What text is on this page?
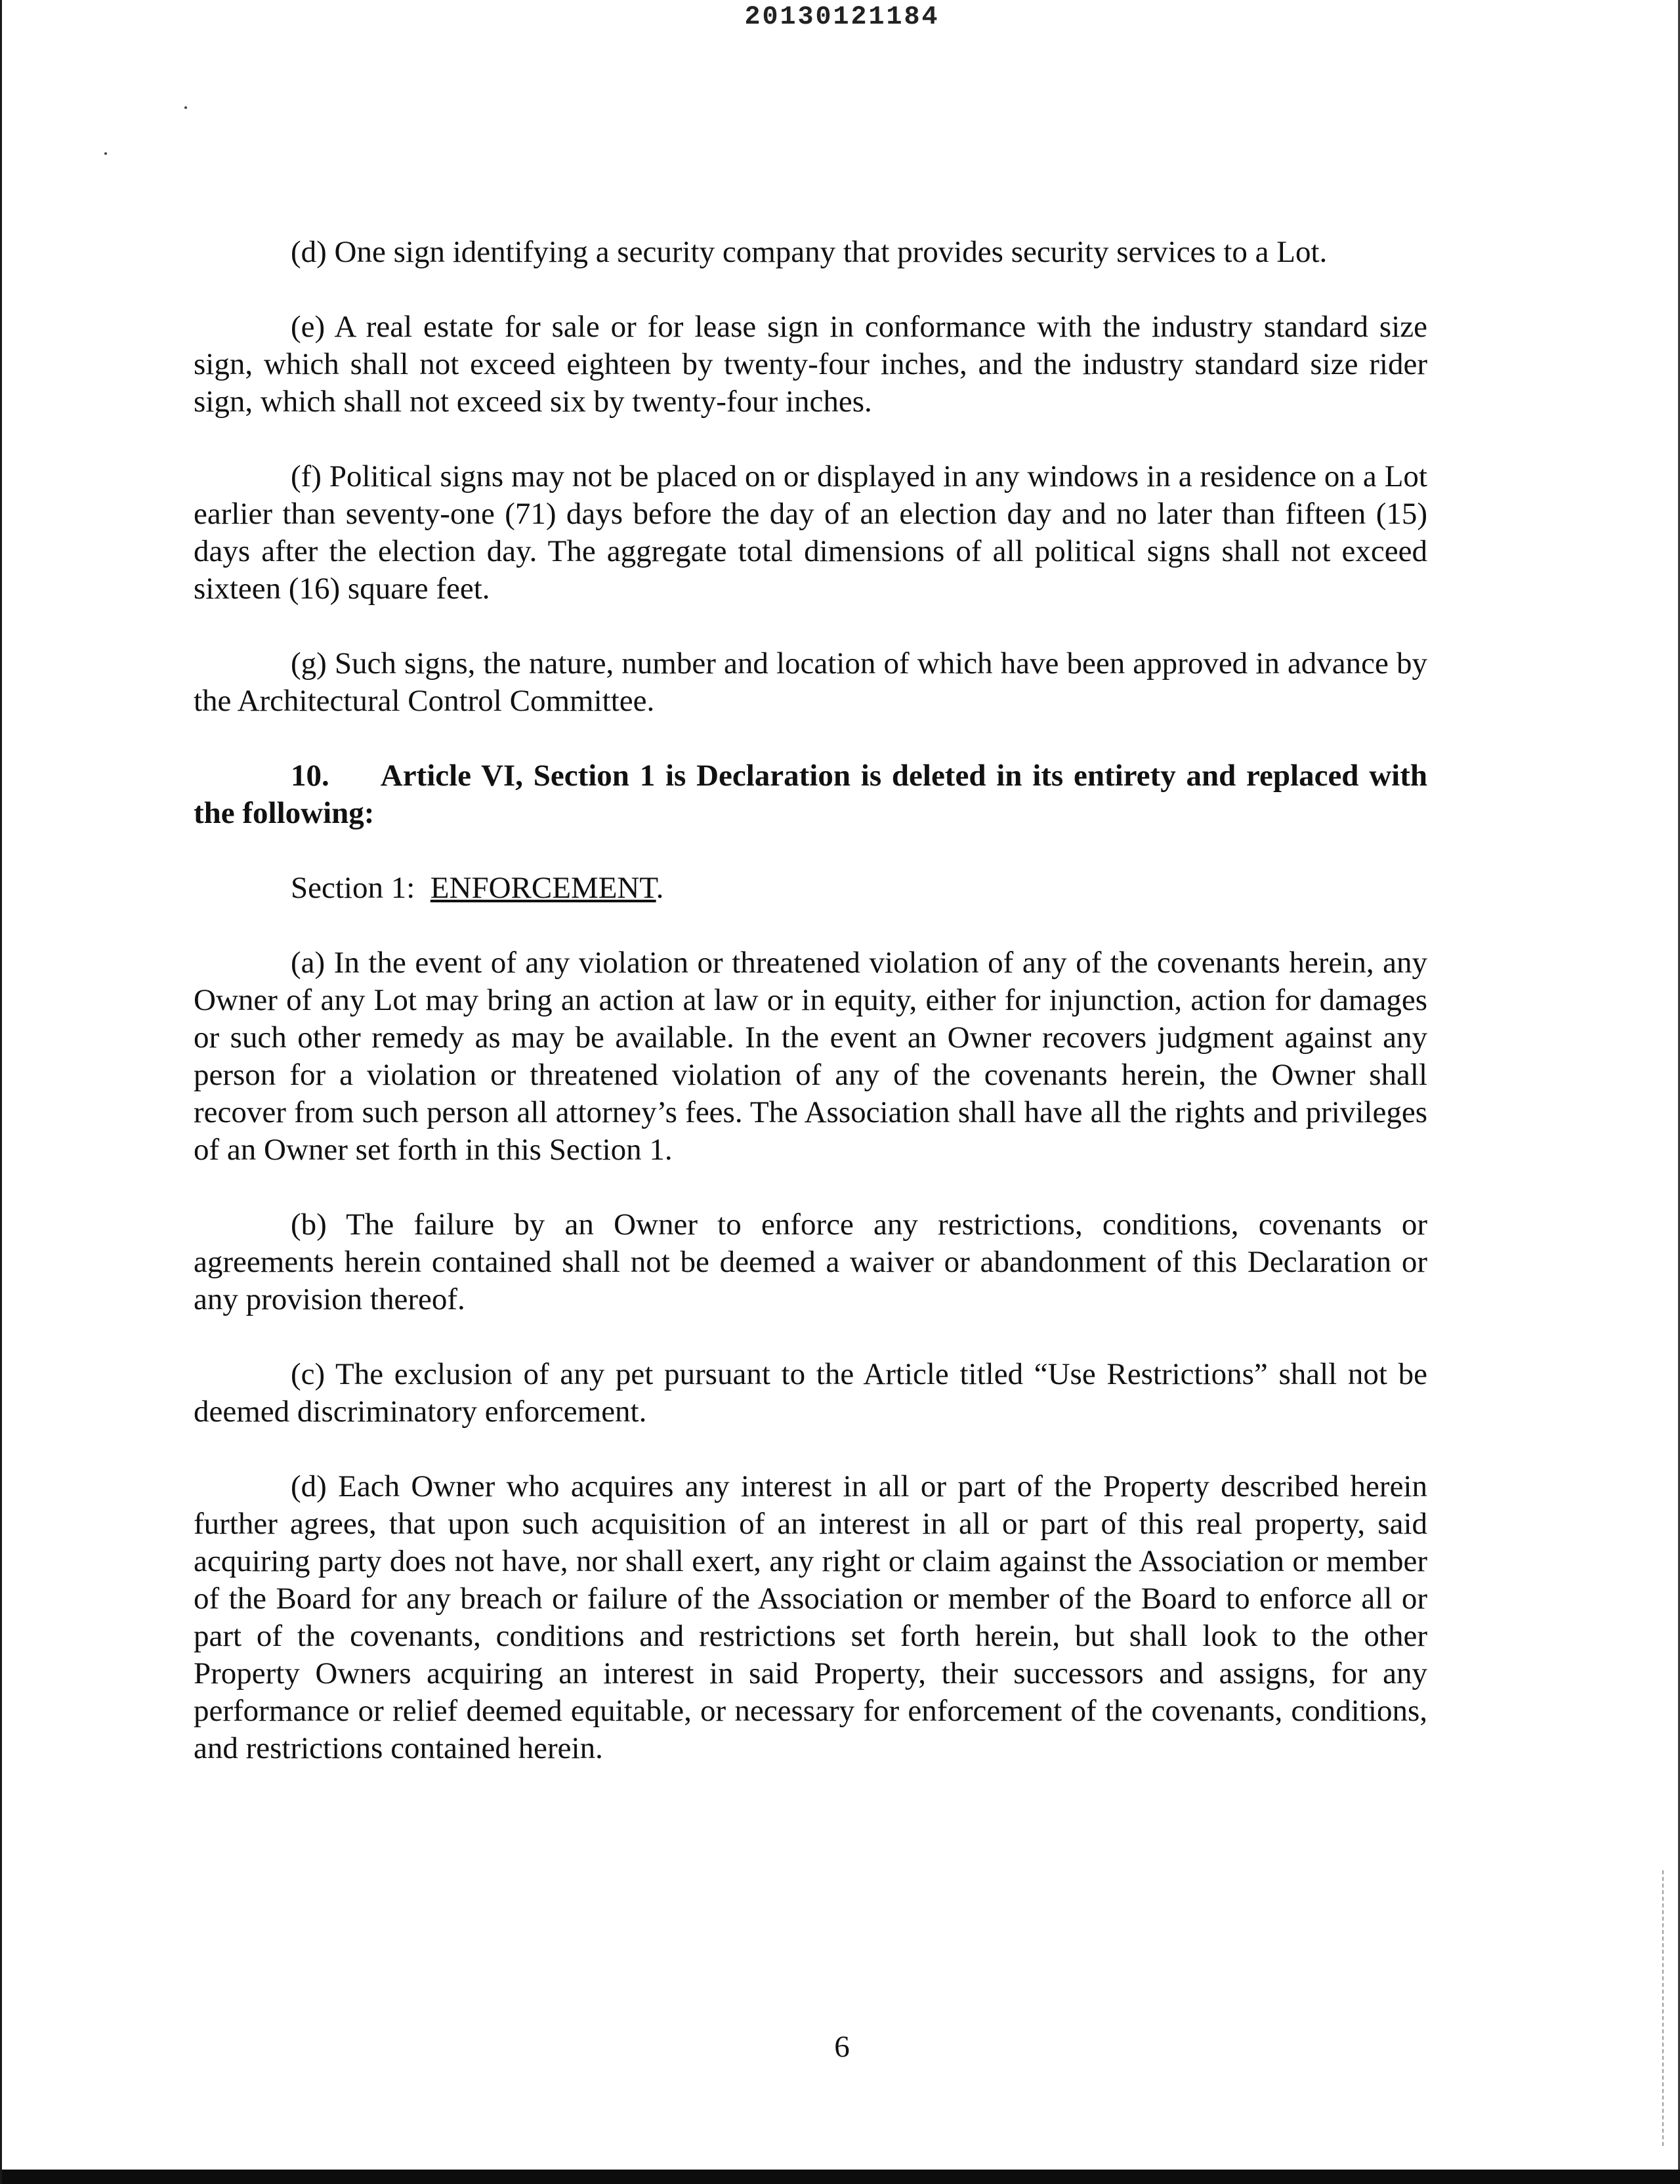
20130121184

(d) One sign identifying a security company that provides security services to a Lot.

(e) A real estate for sale or for lease sign in conformance with the industry standard size sign, which shall not exceed eighteen by twenty-four inches, and the industry standard size rider sign, which shall not exceed six by twenty-four inches.

(f) Political signs may not be placed on or displayed in any windows in a residence on a Lot earlier than seventy-one (71) days before the day of an election day and no later than fifteen (15) days after the election day. The aggregate total dimensions of all political signs shall not exceed sixteen (16) square feet.

(g) Such signs, the nature, number and location of which have been approved in advance by the Architectural Control Committee.

10. Article VI, Section 1 is Declaration is deleted in its entirety and replaced with the following:

Section 1: ENFORCEMENT.

(a) In the event of any violation or threatened violation of any of the covenants herein, any Owner of any Lot may bring an action at law or in equity, either for injunction, action for damages or such other remedy as may be available. In the event an Owner recovers judgment against any person for a violation or threatened violation of any of the covenants herein, the Owner shall recover from such person all attorney’s fees. The Association shall have all the rights and privileges of an Owner set forth in this Section 1.

(b) The failure by an Owner to enforce any restrictions, conditions, covenants or agreements herein contained shall not be deemed a waiver or abandonment of this Declaration or any provision thereof.

(c) The exclusion of any pet pursuant to the Article titled “Use Restrictions” shall not be deemed discriminatory enforcement.

(d) Each Owner who acquires any interest in all or part of the Property described herein further agrees, that upon such acquisition of an interest in all or part of this real property, said acquiring party does not have, nor shall exert, any right or claim against the Association or member of the Board for any breach or failure of the Association or member of the Board to enforce all or part of the covenants, conditions and restrictions set forth herein, but shall look to the other Property Owners acquiring an interest in said Property, their successors and assigns, for any performance or relief deemed equitable, or necessary for enforcement of the covenants, conditions, and restrictions contained herein.

6
